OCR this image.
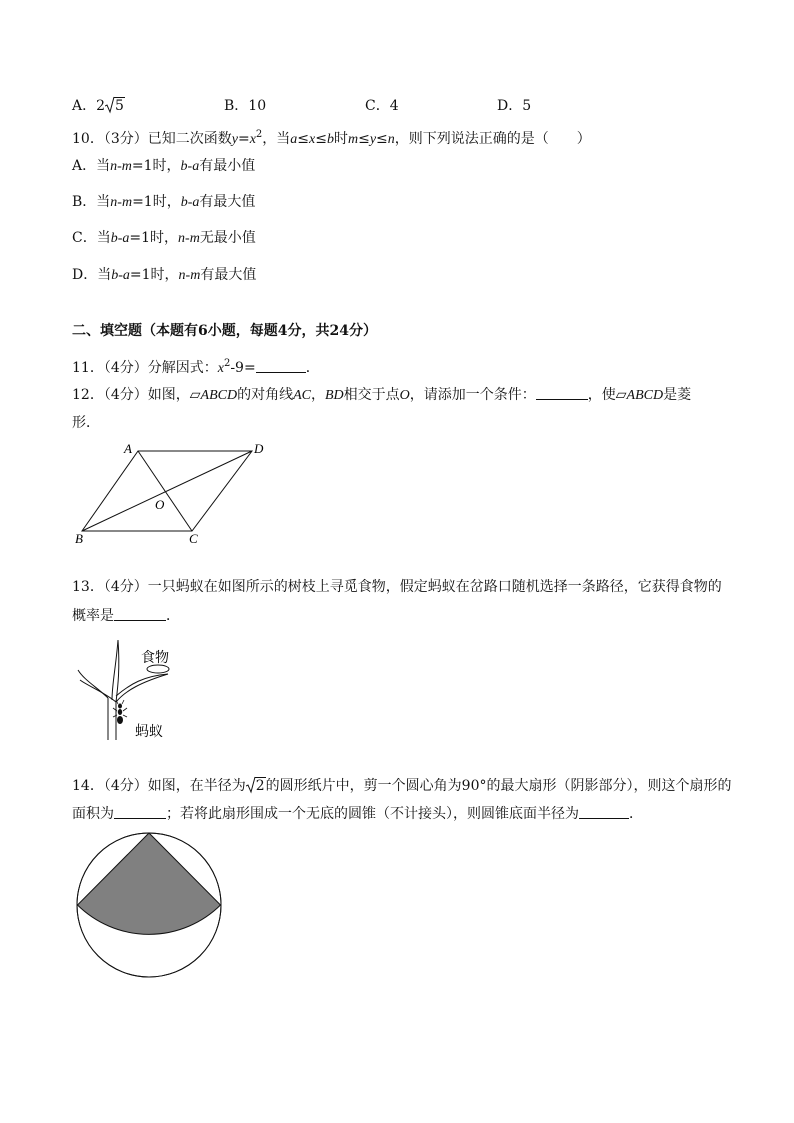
A．2 5	B．10	C．4	D．5
10．（3分）已知二次函数$y=x^2$，当a≤x≤b时m≤y≤n，则下列说法正确的是（　　）
A．当n-m=1时，b-a有最小值
B．当n-m=1时，b-a有最大值
C．当b-a=1时，n-m无最小值
D．当b-a=1时，n-m有最大值
二、填空题（本题有6小题，每题4分，共24分）
11．（4分）分解因式：$x^2-9=$	．
12．（4分）如图，▱ABCD的对角线AC，BD相交于点O，请添加一个条件：	，使▱ABCD是菱
形．
A	D
O
B	C
13．（4分）一只蚂蚁在如图所示的树枝上寻觅食物，假定蚂蚁在岔路口随机选择一条路径，它获得食物的
概率是	．
食物
蚂蚁
14．（4分）如图，在半径为 2的圆形纸片中，剪一个圆心角为90°的最大扇形（阴影部分），则这个扇形的
面积为	；若将此扇形围成一个无底的圆锥（不计接头），则圆锥底面半径为	．
